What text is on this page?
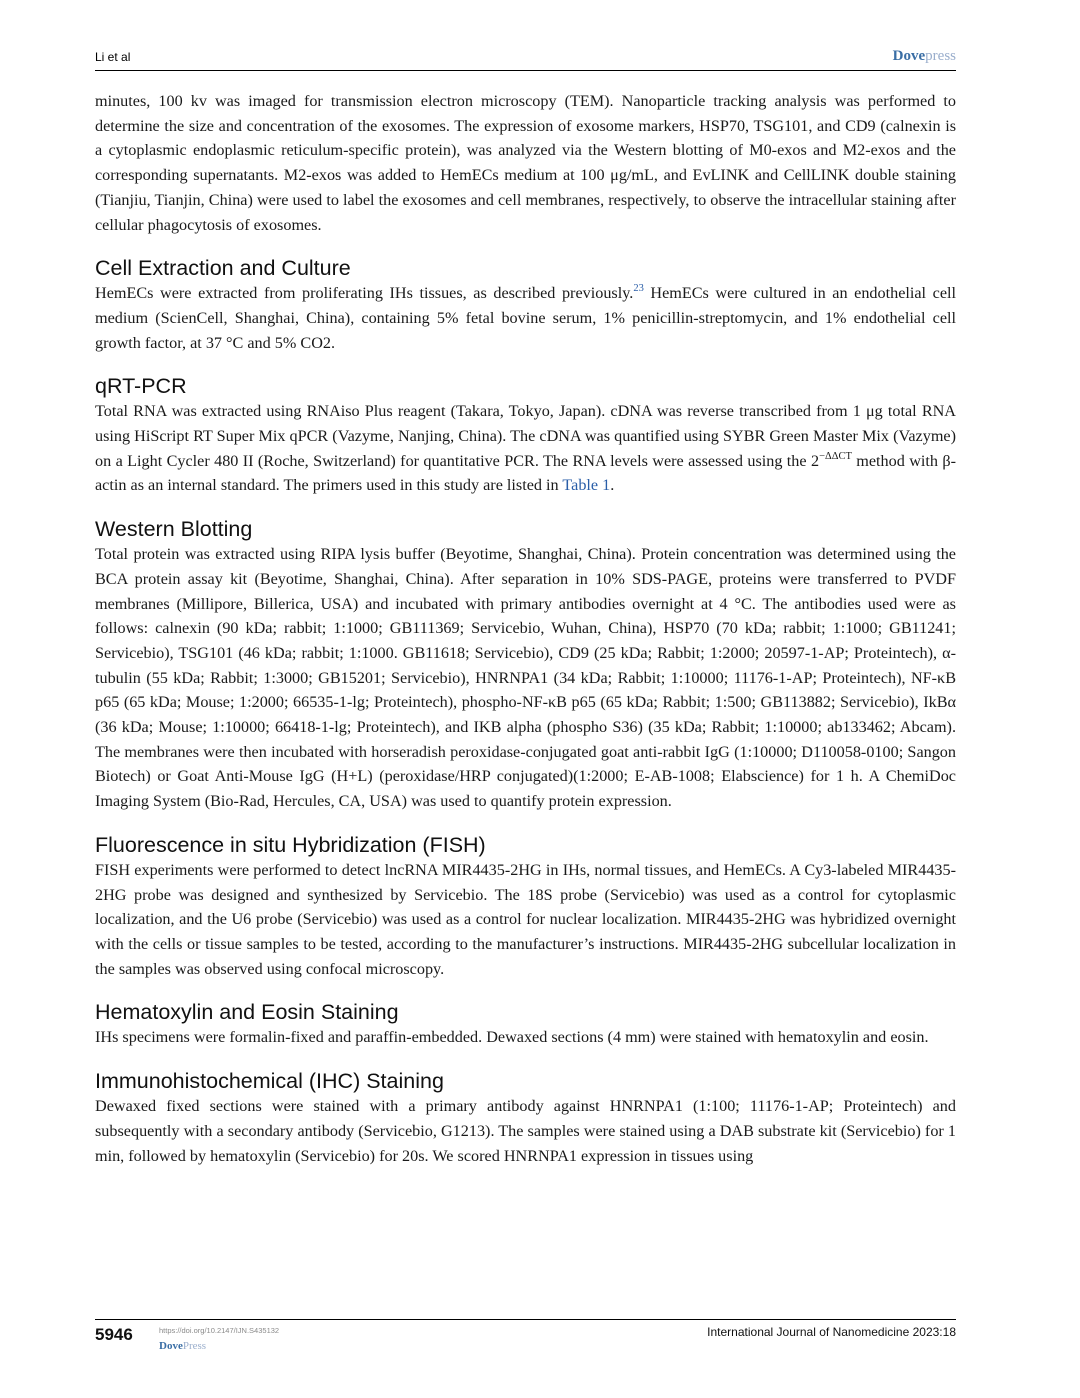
Li et al	Dovepress

minutes, 100 kv was imaged for transmission electron microscopy (TEM). Nanoparticle tracking analysis was performed to determine the size and concentration of the exosomes. The expression of exosome markers, HSP70, TSG101, and CD9 (calnexin is a cytoplasmic endoplasmic reticulum-specific protein), was analyzed via the Western blotting of M0-exos and M2-exos and the corresponding supernatants. M2-exos was added to HemECs medium at 100 μg/mL, and EvLINK and CellLINK double staining (Tianjiu, Tianjin, China) were used to label the exosomes and cell membranes, respectively, to observe the intracellular staining after cellular phagocytosis of exosomes.

Cell Extraction and Culture

HemECs were extracted from proliferating IHs tissues, as described previously.$^{23}$ HemECs were cultured in an endothelial cell medium (ScienCell, Shanghai, China), containing 5% fetal bovine serum, 1% penicillin-streptomycin, and 1% endothelial cell growth factor, at 37 °C and 5% CO2.

qRT-PCR

Total RNA was extracted using RNAiso Plus reagent (Takara, Tokyo, Japan). cDNA was reverse transcribed from 1 μg total RNA using HiScript RT Super Mix qPCR (Vazyme, Nanjing, China). The cDNA was quantified using SYBR Green Master Mix (Vazyme) on a Light Cycler 480 II (Roche, Switzerland) for quantitative PCR. The RNA levels were assessed using the $2^{-\Delta\Delta CT}$ method with β-actin as an internal standard. The primers used in this study are listed in Table 1.

Western Blotting

Total protein was extracted using RIPA lysis buffer (Beyotime, Shanghai, China). Protein concentration was determined using the BCA protein assay kit (Beyotime, Shanghai, China). After separation in 10% SDS-PAGE, proteins were transferred to PVDF membranes (Millipore, Billerica, USA) and incubated with primary antibodies overnight at 4 °C. The antibodies used were as follows: calnexin (90 kDa; rabbit; 1:1000; GB111369; Servicebio, Wuhan, China), HSP70 (70 kDa; rabbit; 1:1000; GB11241; Servicebio), TSG101 (46 kDa; rabbit; 1:1000. GB11618; Servicebio), CD9 (25 kDa; Rabbit; 1:2000; 20597-1-AP; Proteintech), α-tubulin (55 kDa; Rabbit; 1:3000; GB15201; Servicebio), HNRNPA1 (34 kDa; Rabbit; 1:10000; 11176-1-AP; Proteintech), NF-κB p65 (65 kDa; Mouse; 1:2000; 66535-1-lg; Proteintech), phospho-NF-κB p65 (65 kDa; Rabbit; 1:500; GB113882; Servicebio), IkBα (36 kDa; Mouse; 1:10000; 66418-1-lg; Proteintech), and IKB alpha (phospho S36) (35 kDa; Rabbit; 1:10000; ab133462; Abcam). The membranes were then incubated with horseradish peroxidase-conjugated goat anti-rabbit IgG (1:10000; D110058-0100; Sangon Biotech) or Goat Anti-Mouse IgG (H+L) (peroxidase/HRP conjugated)(1:2000; E-AB-1008; Elabscience) for 1 h. A ChemiDoc Imaging System (Bio-Rad, Hercules, CA, USA) was used to quantify protein expression.

Fluorescence in situ Hybridization (FISH)

FISH experiments were performed to detect lncRNA MIR4435-2HG in IHs, normal tissues, and HemECs. A Cy3-labeled MIR4435-2HG probe was designed and synthesized by Servicebio. The 18S probe (Servicebio) was used as a control for cytoplasmic localization, and the U6 probe (Servicebio) was used as a control for nuclear localization. MIR4435-2HG was hybridized overnight with the cells or tissue samples to be tested, according to the manufacturer’s instructions. MIR4435-2HG subcellular localization in the samples was observed using confocal microscopy.

Hematoxylin and Eosin Staining

IHs specimens were formalin-fixed and paraffin-embedded. Dewaxed sections (4 mm) were stained with hematoxylin and eosin.

Immunohistochemical (IHC) Staining

Dewaxed fixed sections were stained with a primary antibody against HNRNPA1 (1:100; 11176-1-AP; Proteintech) and subsequently with a secondary antibody (Servicebio, G1213). The samples were stained using a DAB substrate kit (Servicebio) for 1 min, followed by hematoxylin (Servicebio) for 20s. We scored HNRNPA1 expression in tissues using

5946	https://doi.org/10.2147/IJN.S435132
DovePress
International Journal of Nanomedicine 2023:18
